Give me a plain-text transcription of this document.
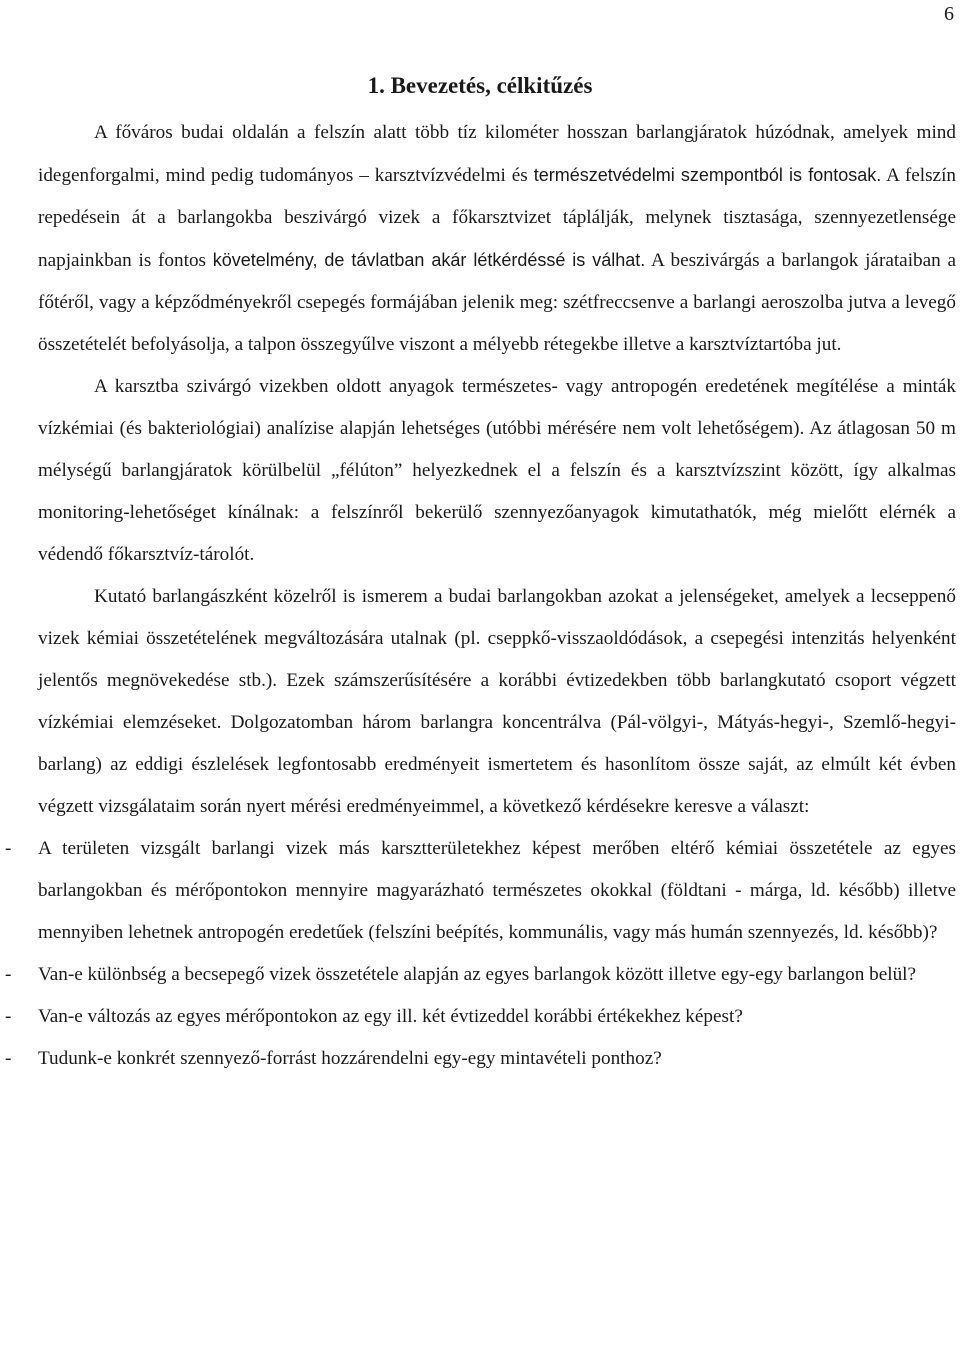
6
1. Bevezetés, célkitűzés

A főváros budai oldalán a felszín alatt több tíz kilométer hosszan barlangjáratok húzódnak, amelyek mind idegenforgalmi, mind pedig tudományos – karsztvízvédelmi és természetvédelmi szempontból is fontosak. A felszín repedésein át a barlangokba beszivárgó vizek a főkarsztvizet táplálják, melynek tisztasága, szennyezetlensége napjainkban is fontos követelmény, de távlatban akár létkérdéssé is válhat. A beszivárgás a barlangok járataiban a főtéről, vagy a képződményekről csepegés formájában jelenik meg: szétfreccsenve a barlangi aeroszolba jutva a levegő összetételét befolyásolja, a talpon összegyűlve viszont a mélyebb rétegekbe illetve a karsztvíztartóba jut.

A karsztba szivárgó vizekben oldott anyagok természetes- vagy antropogén eredetének megítélése a minták vízkémiai (és bakteriológiai) analízise alapján lehetséges (utóbbi mérésére nem volt lehetőségem). Az átlagosan 50 m mélységű barlangjáratok körülbelül „félúton” helyezkednek el a felszín és a karsztvízszint között, így alkalmas monitoring-lehetőséget kínálnak: a felszínről bekerülő szennyezőanyagok kimutathatók, még mielőtt elérnék a védendő főkarsztvíz-tárolót.

Kutató barlangászként közelről is ismerem a budai barlangokban azokat a jelenségeket, amelyek a lecseppenő vizek kémiai összetételének megváltozására utalnak (pl. cseppkő-visszaoldódások, a csepegési intenzitás helyenként jelentős megnövekedése stb.). Ezek számszerűsítésére a korábbi évtizedekben több barlangkutató csoport végzett vízkémiai elemzéseket. Dolgozatomban három barlangra koncentrálva (Pál-völgyi-, Mátyás-hegyi-, Szemlő-hegyi-barlang) az eddigi észlelések legfontosabb eredményeit ismertetem és hasonlítom össze saját, az elmúlt két évben végzett vizsgálataim során nyert mérési eredményeimmel, a következő kérdésekre keresve a választ:

- A területen vizsgált barlangi vizek más karsztterületekhez képest merőben eltérő kémiai összetétele az egyes barlangokban és mérőpontokon mennyire magyarázható természetes okokkal (földtani - márga, ld. később) illetve mennyiben lehetnek antropogén eredetűek (felszíni beépítés, kommunális, vagy más humán szennyezés, ld. később)?
- Van-e különbség a becsepegő vizek összetétele alapján az egyes barlangok között illetve egy-egy barlangon belül?
- Van-e változás az egyes mérőpontokon az egy ill. két évtizeddel korábbi értékekhez képest?
- Tudunk-e konkrét szennyező-forrást hozzárendelni egy-egy mintavételi ponthoz?
